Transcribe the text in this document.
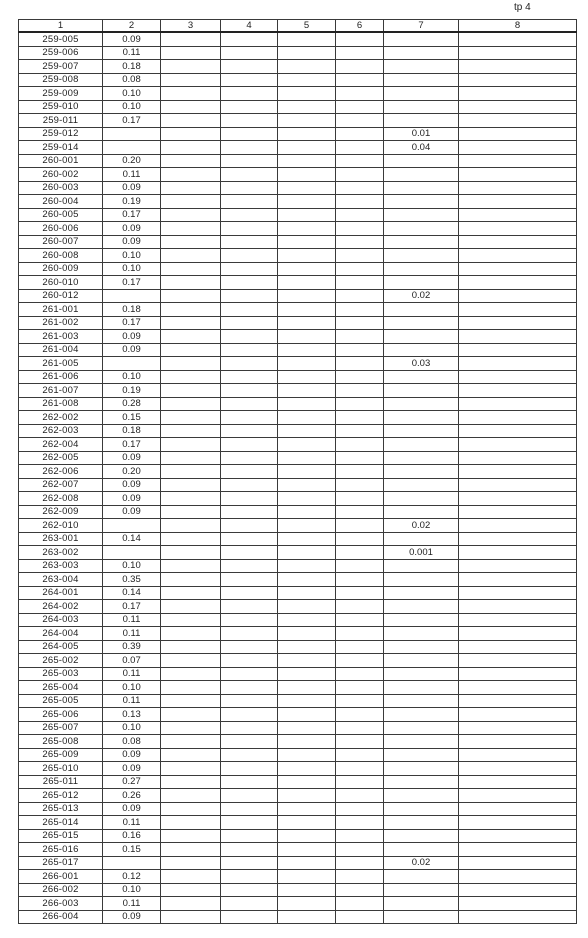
tp 4
1	2	3	4	5	6	7	8
259-005	0.09						
259-006	0.11						
259-007	0.18						
259-008	0.08						
259-009	0.10						
259-010	0.10						
259-011	0.17						
259-012						0.01	
259-014						0.04	
260-001	0.20						
260-002	0.11						
260-003	0.09						
260-004	0.19						
260-005	0.17						
260-006	0.09						
260-007	0.09						
260-008	0.10						
260-009	0.10						
260-010	0.17						
260-012						0.02	
261-001	0.18						
261-002	0.17						
261-003	0.09						
261-004	0.09						
261-005						0.03	
261-006	0.10						
261-007	0.19						
261-008	0.28						
262-002	0.15						
262-003	0.18						
262-004	0.17						
262-005	0.09						
262-006	0.20						
262-007	0.09						
262-008	0.09						
262-009	0.09						
262-010						0.02	
263-001	0.14						
263-002						0.001	
263-003	0.10						
263-004	0.35						
264-001	0.14						
264-002	0.17						
264-003	0.11						
264-004	0.11						
264-005	0.39						
265-002	0.07						
265-003	0.11						
265-004	0.10						
265-005	0.11						
265-006	0.13						
265-007	0.10						
265-008	0.08						
265-009	0.09						
265-010	0.09						
265-011	0.27						
265-012	0.26						
265-013	0.09						
265-014	0.11						
265-015	0.16						
265-016	0.15						
265-017						0.02	
266-001	0.12						
266-002	0.10						
266-003	0.11						
266-004	0.09						
